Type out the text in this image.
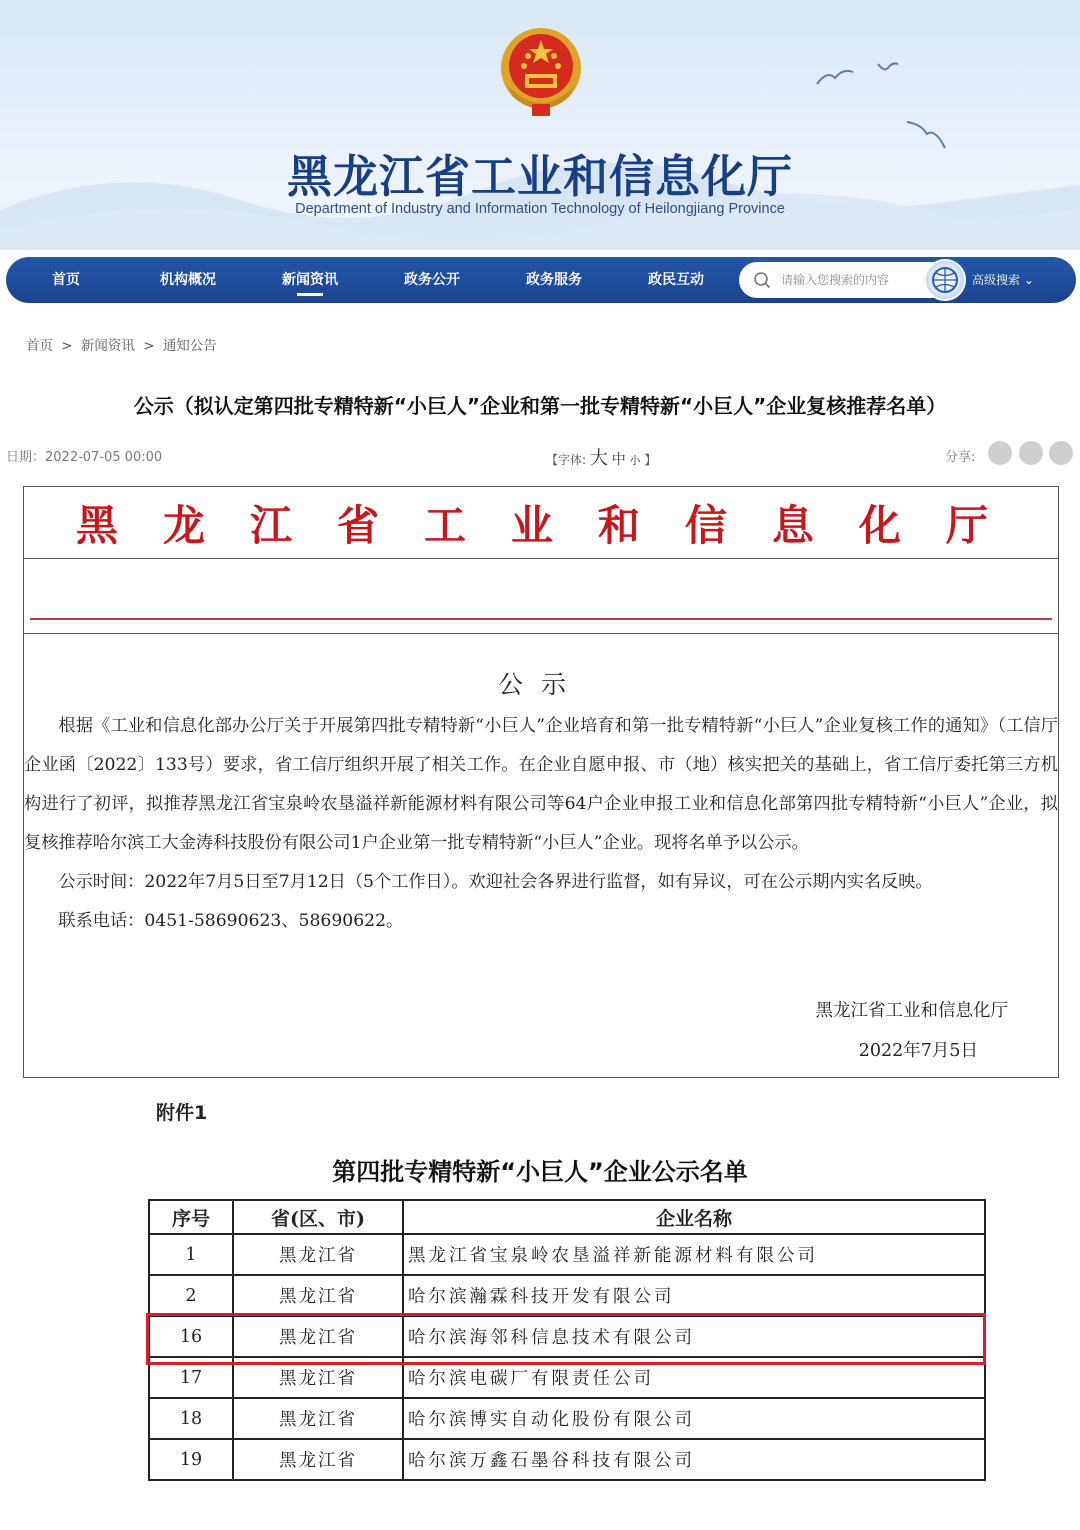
黑龙江省工业和信息化厅
Department of Industry and Information Technology of Heilongjiang Province
首页	机构概况	新闻资讯	政务公开	政务服务	政民互动
请输入您搜索的内容	高级搜索 ⌄
首页 > 新闻资讯 > 通知公告
公示（拟认定第四批专精特新“小巨人”企业和第一批专精特新“小巨人”企业复核推荐名单）
日期：2022-07-05 00:00	【字体: 大 中 小 】	分享:
黑 龙 江 省 工 业 和 信 息 化 厅
公示

根据《工业和信息化部办公厅关于开展第四批专精特新“小巨人”企业培育和第一批专精特新“小巨人”企业复核工作的通知》（工信厅企业函〔2022〕133号）要求，省工信厅组织开展了相关工作。在企业自愿申报、市（地）核实把关的基础上，省工信厅委托第三方机构进行了初评，拟推荐黑龙江省宝泉岭农垦溢祥新能源材料有限公司等64户企业申报工业和信息化部第四批专精特新“小巨人”企业，拟复核推荐哈尔滨工大金涛科技股份有限公司1户企业第一批专精特新“小巨人”企业。现将名单予以公示。

公示时间：2022年7月5日至7月12日（5个工作日）。欢迎社会各界进行监督，如有异议，可在公示期内实名反映。

联系电话：0451-58690623、58690622。

黑龙江省工业和信息化厅
2022年7月5日
附件1
第四批专精特新“小巨人”企业公示名单
序号	省(区、市)	企业名称
1	黑龙江省	黑龙江省宝泉岭农垦溢祥新能源材料有限公司
2	黑龙江省	哈尔滨瀚霖科技开发有限公司
16	黑龙江省	哈尔滨海邻科信息技术有限公司
17	黑龙江省	哈尔滨电碳厂有限责任公司
18	黑龙江省	哈尔滨博实自动化股份有限公司
19	黑龙江省	哈尔滨万鑫石墨谷科技有限公司
